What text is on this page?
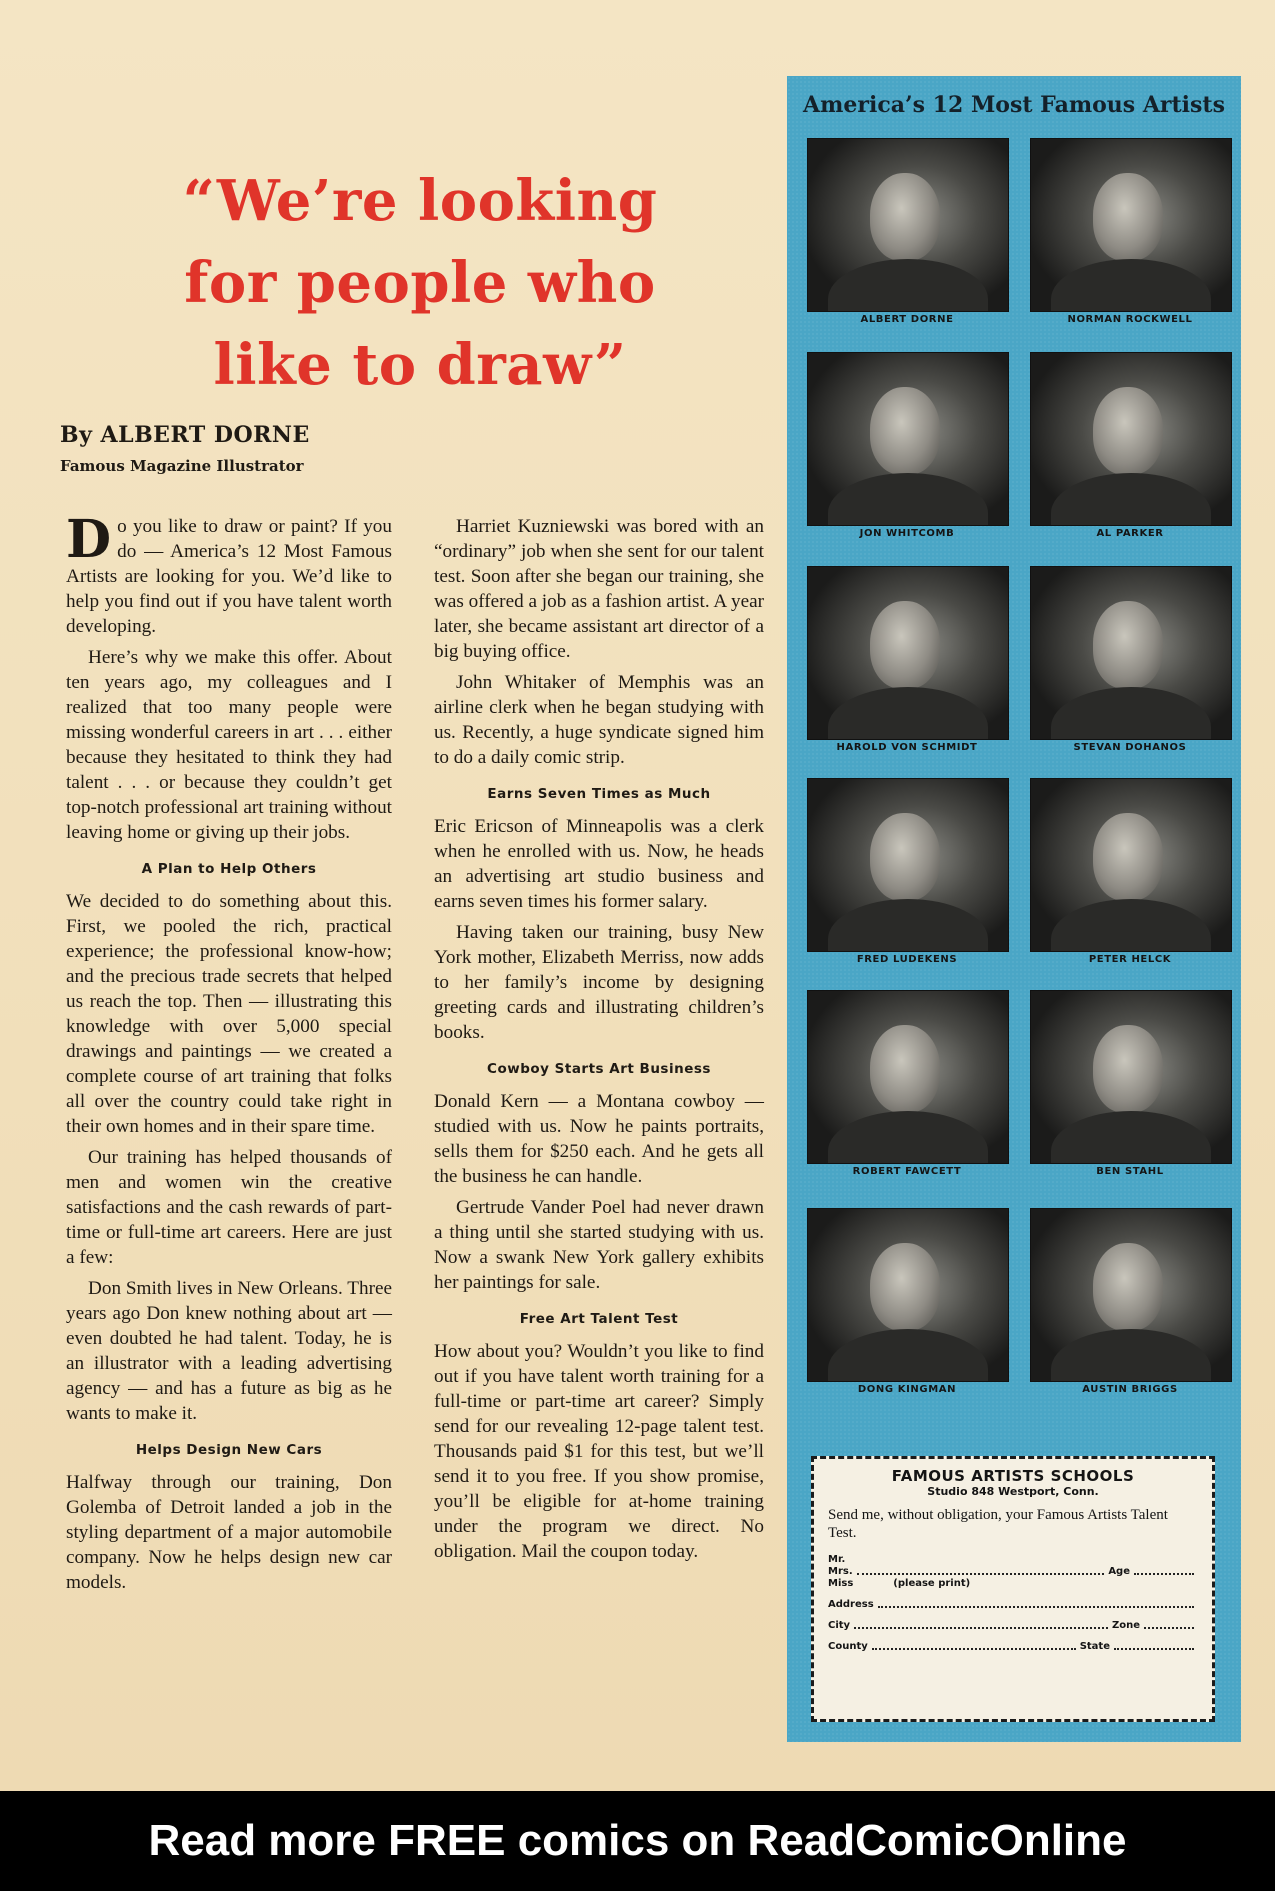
“We’re looking
for people who
like to draw”
By ALBERT DORNE
Famous Magazine Illustrator

Do you like to draw or paint? If you do — America’s 12 Most Famous Artists are looking for you. We’d like to help you find out if you have talent worth developing.

Here’s why we make this offer. About ten years ago, my colleagues and I realized that too many people were missing wonderful careers in art . . . either because they hesitated to think they had talent . . . or because they couldn’t get top-notch professional art training without leaving home or giving up their jobs.

A Plan to Help Others

We decided to do something about this. First, we pooled the rich, practical experience; the professional know-how; and the precious trade secrets that helped us reach the top. Then — illustrating this knowledge with over 5,000 special drawings and paintings — we created a complete course of art training that folks all over the country could take right in their own homes and in their spare time.

Our training has helped thousands of men and women win the creative satisfactions and the cash rewards of part-time or full-time art careers. Here are just a few:

Don Smith lives in New Orleans. Three years ago Don knew nothing about art — even doubted he had talent. Today, he is an illustrator with a leading advertising agency — and has a future as big as he wants to make it.

Helps Design New Cars

Halfway through our training, Don Golemba of Detroit landed a job in the styling department of a major automobile company. Now he helps design new car models.

Harriet Kuzniewski was bored with an “ordinary” job when she sent for our talent test. Soon after she began our training, she was offered a job as a fashion artist. A year later, she became assistant art director of a big buying office.

John Whitaker of Memphis was an airline clerk when he began studying with us. Recently, a huge syndicate signed him to do a daily comic strip.

Earns Seven Times as Much

Eric Ericson of Minneapolis was a clerk when he enrolled with us. Now, he heads an advertising art studio business and earns seven times his former salary.

Having taken our training, busy New York mother, Elizabeth Merriss, now adds to her family’s income by designing greeting cards and illustrating children’s books.

Cowboy Starts Art Business

Donald Kern — a Montana cowboy — studied with us. Now he paints portraits, sells them for $250 each. And he gets all the business he can handle.

Gertrude Vander Poel had never drawn a thing until she started studying with us. Now a swank New York gallery exhibits her paintings for sale.

Free Art Talent Test

How about you? Wouldn’t you like to find out if you have talent worth training for a full-time or part-time art career? Simply send for our revealing 12-page talent test. Thousands paid $1 for this test, but we’ll send it to you free. If you show promise, you’ll be eligible for at-home training under the program we direct. No obligation. Mail the coupon today.

America’s 12 Most Famous Artists
ALBERT DORNE	NORMAN ROCKWELL
JON WHITCOMB	AL PARKER
HAROLD VON SCHMIDT	STEVAN DOHANOS
FRED LUDEKENS	PETER HELCK
ROBERT FAWCETT	BEN STAHL
DONG KINGMAN	AUSTIN BRIGGS
FAMOUS ARTISTS SCHOOLS
Studio 848 Westport, Conn.
Send me, without obligation, your Famous Artists Talent Test.
Mr.
Mrs.	Age
Miss	(please print)
Address
City	Zone
County	State
Read more FREE comics on ReadComicOnline
